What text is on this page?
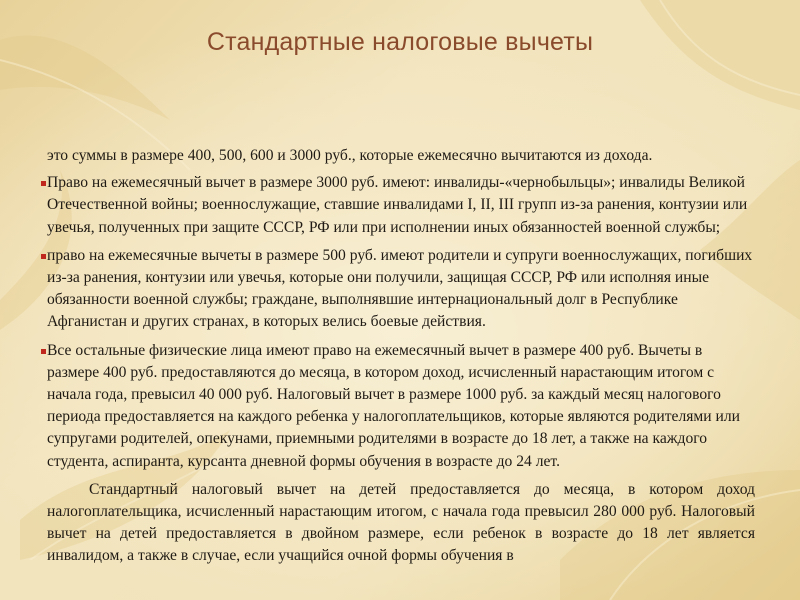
Стандартные налоговые вычеты

это суммы в размере 400, 500, 600 и 3000 руб., которые ежемесячно вычитаются из дохода.

Право на ежемесячный вычет в размере 3000 руб. имеют: инвалиды-«чернобыльцы»; инвалиды Великой Отечественной войны; военнослужащие, ставшие инвалидами I, II, III групп из-за ранения, контузии или увечья, полученных при защите СССР, РФ или при исполнении иных обязанностей военной службы;
право на ежемесячные вычеты в размере 500 руб. имеют родители и супруги военнослужащих, погибших из-за ранения, контузии или увечья, которые они получили, защищая СССР, РФ или исполняя иные обязанности военной службы; граждане, выполнявшие интернациональный долг в Республике Афганистан и других странах, в которых велись боевые действия.
Все остальные физические лица имеют право на ежемесячный вычет в размере 400 руб. Вычеты в размере 400 руб. предоставляются до месяца, в котором доход, исчисленный нарастающим итогом с начала года, превысил 40 000 руб. Налоговый вычет в размере 1000 руб. за каждый месяц налогового периода предоставляется на каждого ребенка у налогоплательщиков, которые являются родителями или супругами родителей, опекунами, приемными родителями в возрасте до 18 лет, а также на каждого студента, аспиранта, курсанта дневной формы обучения в возрасте до 24 лет.

Стандартный налоговый вычет на детей предоставляется до месяца, в котором доход налогоплательщика, исчисленный нарастающим итогом, с начала года превысил 280 000 руб. Налоговый вычет на детей предоставляется в двойном размере, если ребенок в возрасте до 18 лет является инвалидом, а также в случае, если учащийся очной формы обучения в
